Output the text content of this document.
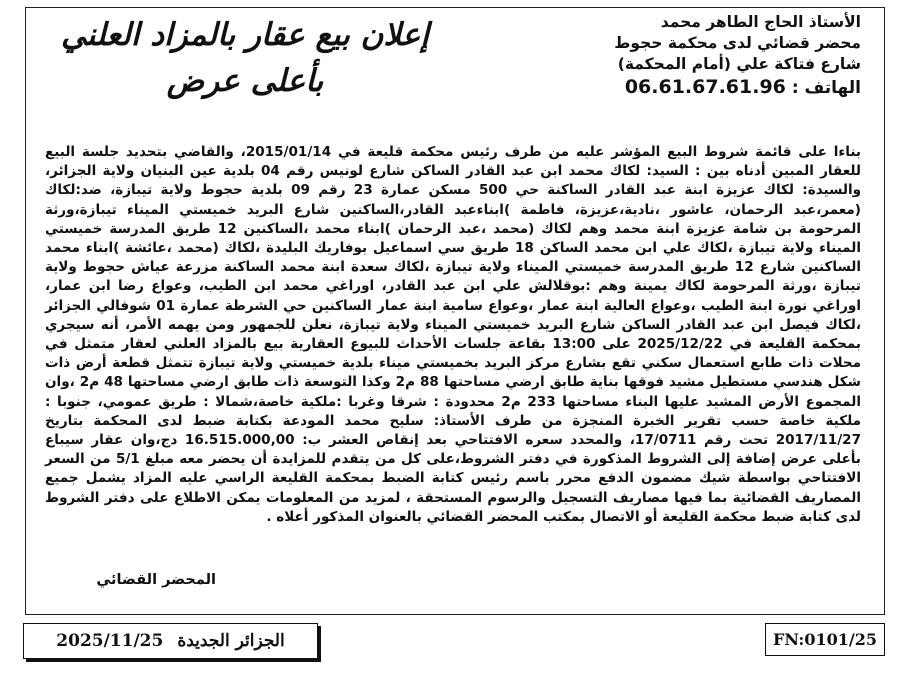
الأستاذ الحاج الطاهر محمد
محضر قضائي لدى محكمة حجوط
شارع فتاكة علي (أمام المحكمة)
الهاتف : 06.61.67.61.96
إعلان بيع عقار بالمزاد العلني
بأعلى عرض
بناءا على قائمة شروط البيع المؤشر عليه من طرف رئيس محكمة قليعة في 2015/01/14، والقاضي بتحديد جلسة البيع للعقار المبين أدناه بين : السيد: لكاك محمد ابن عبد القادر الساكن شارع لونيس رقم 04 بلدية عين البنيان ولاية الجزائر، والسيدة: لكاك عزيزة ابنة عبد القادر الساكنة حي 500 مسكن عمارة 23 رقم 09 بلدية حجوط ولاية تيبازة، ضد:لكاك (معمر،عبد الرحمان، عاشور ،نادية،عزيزة، فاطمة )ابناءعبد القادر،الساكنين شارع البريد خميستي الميناء تيبازة،ورثة المرحومة بن شامة عزيزة ابنة محمد وهم لكاك (محمد ،عبد الرحمان )ابناء محمد ،الساكنين 12 طريق المدرسة خميستي الميناء ولاية تيبازة ،لكاك علي ابن محمد الساكن 18 طريق سي اسماعيل بوفاريك البليدة ،لكاك (محمد ،عائشة )ابناء محمد الساكنين شارع 12 طريق المدرسة خميستي الميناء ولاية تيبازة ،لكاك سعدة ابنة محمد الساكنة مزرعة عياش حجوط ولاية تيبازة ،ورثة المرحومة لكاك يمينة وهم :بوقلالش علي ابن عبد القادر، اوراغي محمد ابن الطيب، وعواع رضا ابن عمار، اوراغي نورة ابنة الطيب ،وعواع العالية ابنة عمار ،وعواع سامية ابنة عمار الساكنين حي الشرطة عمارة 01 شوفالي الجزائر ،لكاك فيصل ابن عبد القادر الساكن شارع البريد خميستي الميناء ولاية تيبازة، نعلن للجمهور ومن يهمه الأمر، أنه سيجري بمحكمة القليعة في 2025/12/22 على 13:00 بقاعة جلسات الأحداث للبيوع العقارية بيع بالمزاد العلني لعقار متمثل في محلات ذات طابع استعمال سكني تقع بشارع مركز البريد بخميستي ميناء بلدية خميستي ولاية تيبازة تتمثل قطعة أرض ذات شكل هندسي مستطيل مشيد فوقها بناية طابق ارضي مساحتها 88 م2 وكذا التوسعة ذات طابق ارضي مساحتها 48 م2 ،وان المجموع الأرض المشيد عليها البناء مساحتها 233 م2 محدودة : شرقا وغربا :ملكية خاصة،شمالا : طريق عمومي، جنوبا : ملكية خاصة حسب تقرير الخبرة المنجزة من طرف الأستاذ: سليح محمد المودعة بكتابة ضبط لدى المحكمة بتاريخ 2017/11/27 تحت رقم 17/0711، والمحدد سعره الافتتاحي بعد إنقاص العشر ب: 16.515.000,00 دج،وان عقار سيباع بأعلى عرض إضافة إلى الشروط المذكورة في دفتر الشروط،على كل من يتقدم للمزايدة أن يحضر معه مبلغ 5/1 من السعر الافتتاحي بواسطة شيك مضمون الدفع محرر باسم رئيس كتابة الضبط بمحكمة القليعة الراسي عليه المزاد يشمل جميع المصاريف القضائية بما فيها مصاريف التسجيل والرسوم المستحقة ، لمزيد من المعلومات يمكن الاطلاع على دفتر الشروط لدى كتابة ضبط محكمة القليعة أو الاتصال بمكتب المحضر القضائي بالعنوان المذكور أعلاه .
المحضر القضائي
2025/11/25 الجزائر الجديدة	FN:0101/25
